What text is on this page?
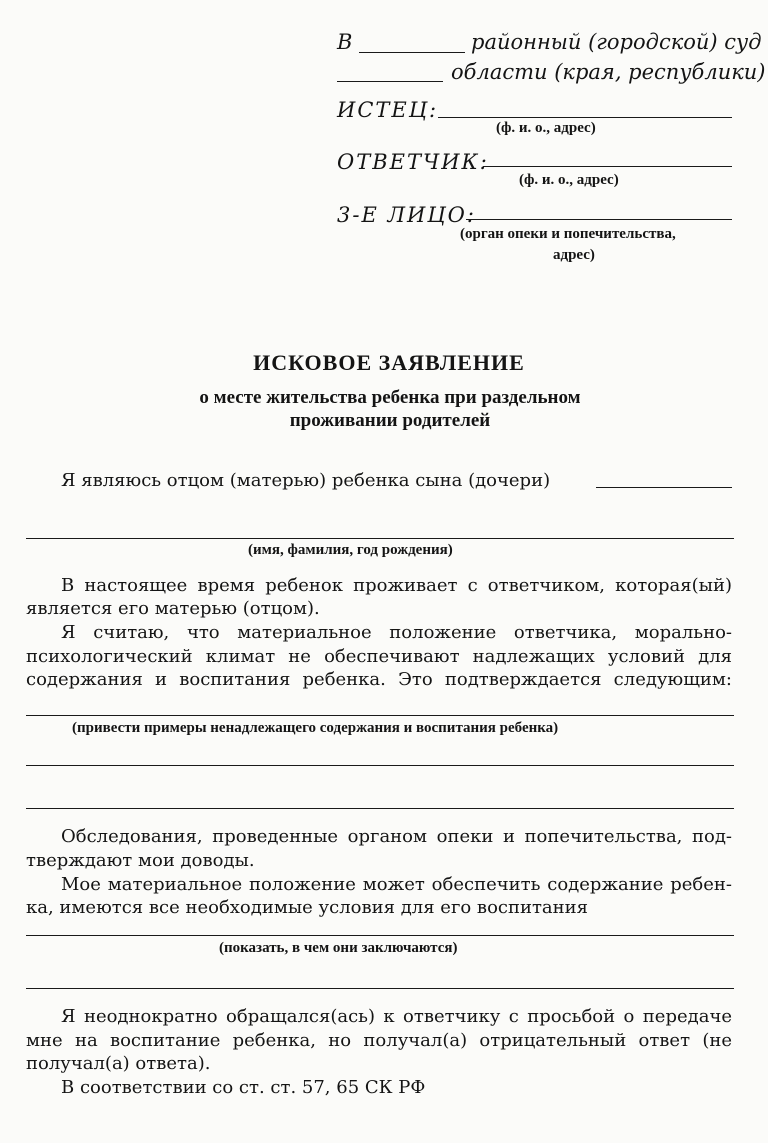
В	районный (городской) суд
области (края, республики)
ИСТЕЦ:
(ф. и. о., адрес)
ОТВЕТЧИК:
(ф. и. о., адрес)
3-Е ЛИЦО:
(орган опеки и попечительства,
адрес)
ИСКОВОЕ ЗАЯВЛЕНИЕ
о месте жительства ребенка при раздельном
проживании родителей
Я являюсь отцом (матерью) ребенка сына (дочери)
(имя, фамилия, год рождения)
В настоящее время ребенок проживает с ответчиком, которая(ый)
является его матерью (отцом).
Я считаю, что материальное положение ответчика, морально-
психологический климат не обеспечивают надлежащих условий для
содержания и воспитания ребенка. Это подтверждается следующим:
(привести примеры ненадлежащего содержания и воспитания ребенка)
Обследования, проведенные органом опеки и попечительства, под-
тверждают мои доводы.
Мое материальное положение может обеспечить содержание ребен-
ка, имеются все необходимые условия для его воспитания
(показать, в чем они заключаются)
Я неоднократно обращался(ась) к ответчику с просьбой о передаче
мне на воспитание ребенка, но получал(а) отрицательный ответ (не
получал(а) ответа).
В соответствии со ст. ст. 57, 65 СК РФ
